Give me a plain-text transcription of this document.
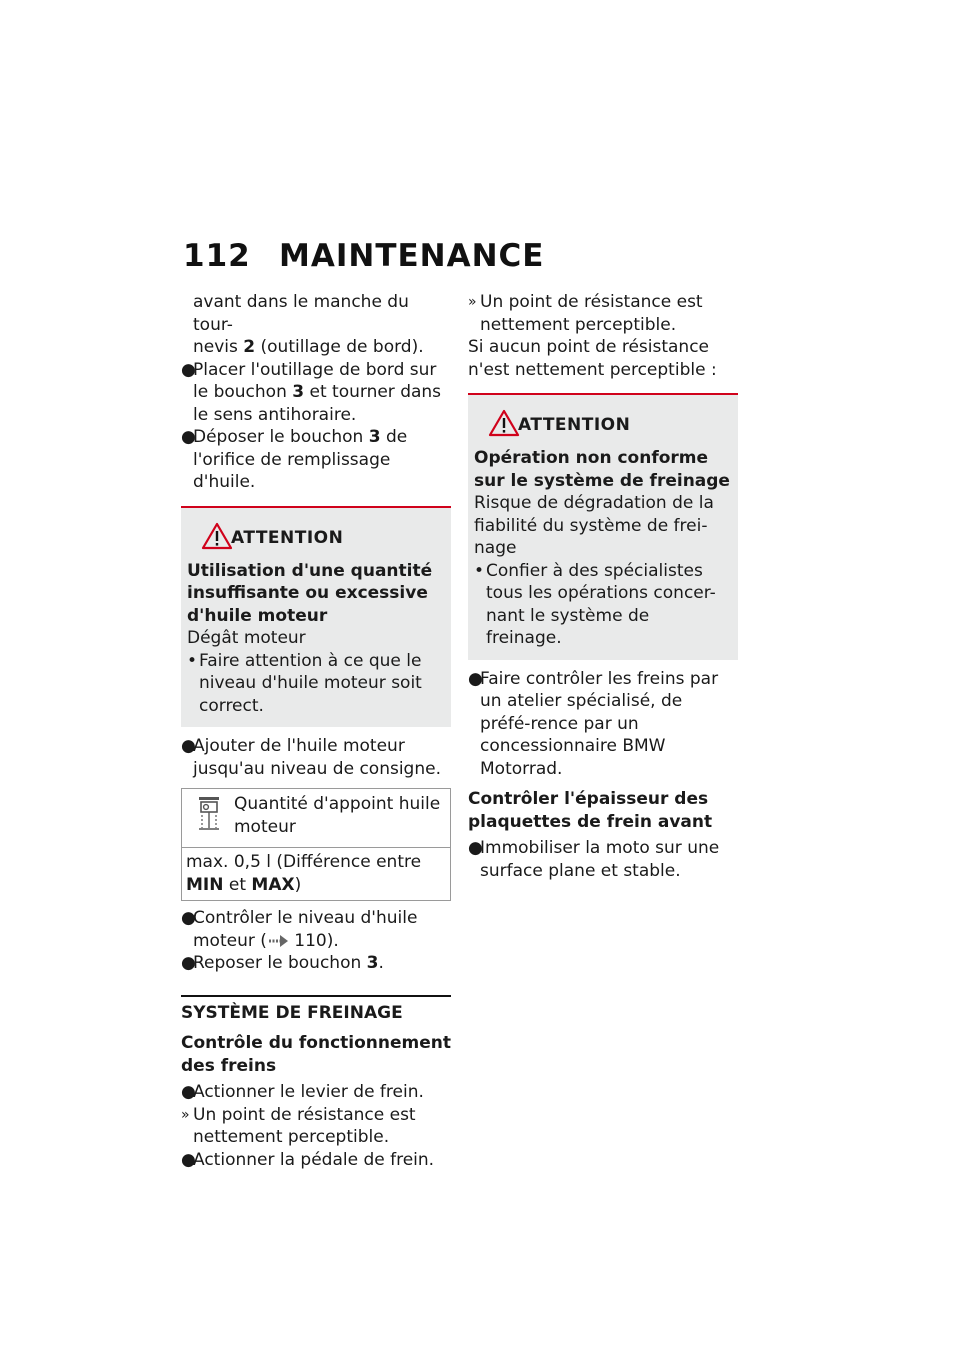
112 MAINTENANCE

avant dans le manche du tour-
nevis 2 (outillage de bord).

●
Placer l'outillage de bord sur le bouchon 3 et tourner dans le sens antihoraire.

●
Déposer le bouchon 3 de l'orifice de remplissage d'huile.

ATTENTION

Utilisation d'une quantité insuffisante ou excessive d'huile moteur

Dégât moteur

• Faire attention à ce que le niveau d'huile moteur soit correct.

●
Ajouter de l'huile moteur jusqu'au niveau de consigne.

Quantité d'appoint huile moteur
max. 0,5 l (Différence entre MIN et MAX)

●
Contrôler le niveau d'huile moteur ( 110).

●
Reposer le bouchon 3.

SYSTÈME DE FREINAGE

Contrôle du fonctionnement des freins

●
Actionner le levier de frein.

» Un point de résistance est nettement perceptible.

●
Actionner la pédale de frein.

» Un point de résistance est nettement perceptible.

Si aucun point de résistance n'est nettement perceptible :

ATTENTION

Opération non conforme sur le système de freinage

Risque de dégradation de la fiabilité du système de frei-nage

• Confier à des spécialistes tous les opérations concer-nant le système de freinage.

●
Faire contrôler les freins par un atelier spécialisé, de préfé-rence par un concessionnaire BMW Motorrad.

Contrôler l'épaisseur des plaquettes de frein avant

●
Immobiliser la moto sur une surface plane et stable.
